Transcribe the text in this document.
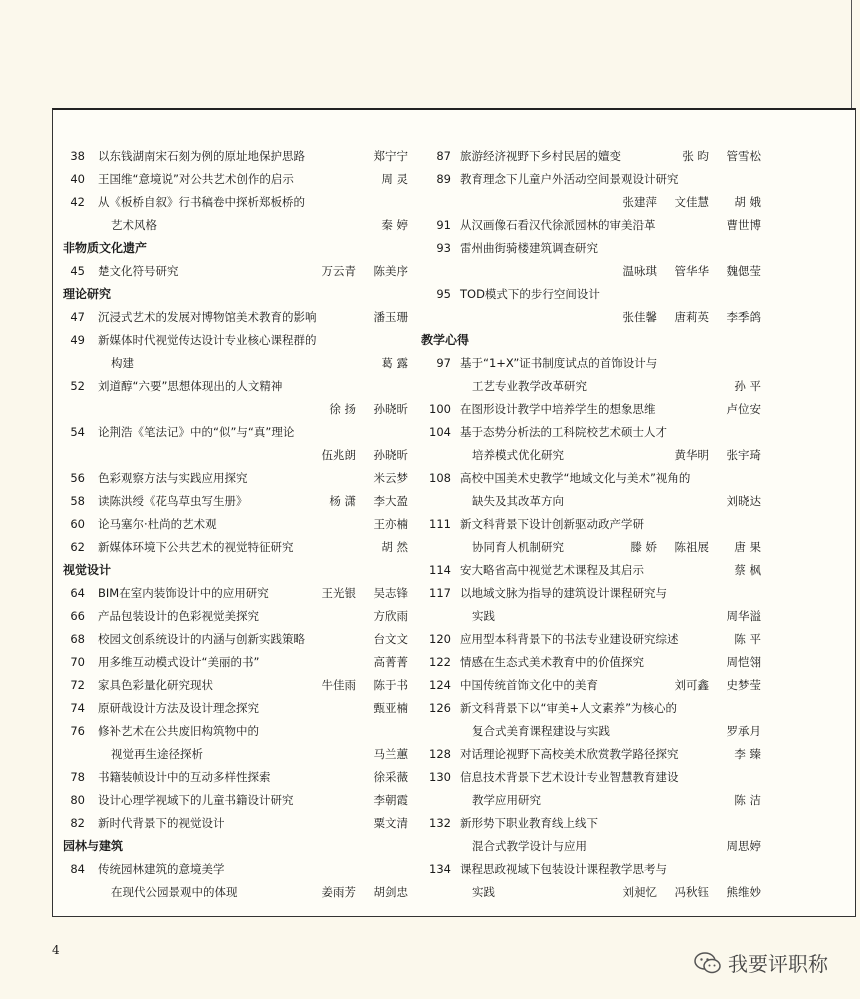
38 以东钱湖南宋石刻为例的原址地保护思路	郑宁宁
40 王国维“意境说”对公共艺术创作的启示	周 灵
42 从《板桥自叙》行书稿卷中探析郑板桥的
艺术风格	秦 婷
非物质文化遗产
45 楚文化符号研究	万云青 陈美序
理论研究
47 沉浸式艺术的发展对博物馆美术教育的影响	潘玉珊
49 新媒体时代视觉传达设计专业核心课程群的
构建	葛 露
52 刘道醇“六要”思想体现出的人文精神
徐 扬 孙晓昕
54 论荆浩《笔法记》中的“似”与“真”理论
伍兆朗 孙晓昕
56 色彩观察方法与实践应用探究	米云梦
58 读陈洪绶《花鸟草虫写生册》	杨 潇 李大盈
60 论马塞尔·杜尚的艺术观	王亦楠
62 新媒体环境下公共艺术的视觉特征研究	胡 然
视觉设计
64 BIM在室内装饰设计中的应用研究	王光银 吴志锋
66 产品包装设计的色彩视觉美探究	方欣雨
68 校园文创系统设计的内涵与创新实践策略	台文文
70 用多维互动模式设计“美丽的书”	高菁菁
72 家具色彩量化研究现状	牛佳雨 陈于书
74 原研哉设计方法及设计理念探究	甄亚楠
76 修补艺术在公共废旧构筑物中的
视觉再生途径探析	马兰蕙
78 书籍装帧设计中的互动多样性探索	徐采薇
80 设计心理学视域下的儿童书籍设计研究	李朝霞
82 新时代背景下的视觉设计	粟文清
园林与建筑
84 传统园林建筑的意境美学
在现代公园景观中的体现	姜雨芳 胡剑忠
87 旅游经济视野下乡村民居的嬗变	张 昀 管雪松
89 教育理念下儿童户外活动空间景观设计研究
张建萍 文佳慧 胡 娥
91 从汉画像石看汉代徐派园林的审美沿革	曹世博
93 雷州曲街骑楼建筑调查研究
温咏琪 管华华 魏偲莹
95 TOD模式下的步行空间设计
张佳馨 唐莉英 李季鸽
教学心得
97 基于“1+X”证书制度试点的首饰设计与
工艺专业教学改革研究	孙 平
100 在图形设计教学中培养学生的想象思维	卢位安
104 基于态势分析法的工科院校艺术硕士人才
培养模式优化研究	黄华明 张宇琦
108 高校中国美术史教学“地域文化与美术”视角的
缺失及其改革方向	刘晓达
111 新文科背景下设计创新驱动政产学研
协同育人机制研究	滕 娇 陈祖展 唐 果
114 安大略省高中视觉艺术课程及其启示	蔡 枫
117 以地域文脉为指导的建筑设计课程研究与
实践	周华溢
120 应用型本科背景下的书法专业建设研究综述	陈 平
122 情感在生态式美术教育中的价值探究	周恺翎
124 中国传统首饰文化中的美育	刘可鑫 史梦莹
126 新文科背景下以“审美+人文素养”为核心的
复合式美育课程建设与实践	罗承月
128 对话理论视野下高校美术欣赏教学路径探究	李 臻
130 信息技术背景下艺术设计专业智慧教育建设
教学应用研究	陈 洁
132 新形势下职业教育线上线下
混合式教学设计与应用	周思婷
134 课程思政视域下包装设计课程教学思考与
实践	刘昶忆 冯秋钰 熊维妙
4
我要评职称
